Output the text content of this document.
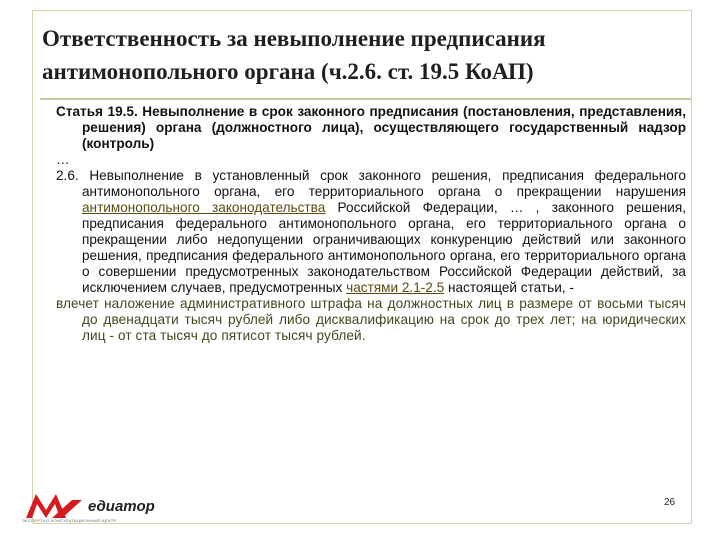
Ответственность за невыполнение предписания антимонопольного органа (ч.2.6. ст. 19.5 КоАП)

Статья 19.5. Невыполнение в срок законного предписания (постановления, представления, решения) органа (должностного лица), осуществляющего государственный надзор (контроль)

…

2.6. Невыполнение в установленный срок законного решения, предписания федерального антимонопольного органа, его территориального органа о прекращении нарушения антимонопольного законодательства Российской Федерации, … , законного решения, предписания федерального антимонопольного органа, его территориального органа о прекращении либо недопущении ограничивающих конкуренцию действий или законного решения, предписания федерального антимонопольного органа, его территориального органа о совершении предусмотренных законодательством Российской Федерации действий, за исключением случаев, предусмотренных частями 2.1-2.5 настоящей статьи, -

влечет наложение административного штрафа на должностных лиц в размере от восьми тысяч до двенадцати тысяч рублей либо дисквалификацию на срок до трех лет; на юридических лиц - от ста тысяч до пятисот тысяч рублей.

едиатор
ЭКСПЕРТНО-КОНСУЛЬТАЦИОННЫЙ ЦЕНТР
26
